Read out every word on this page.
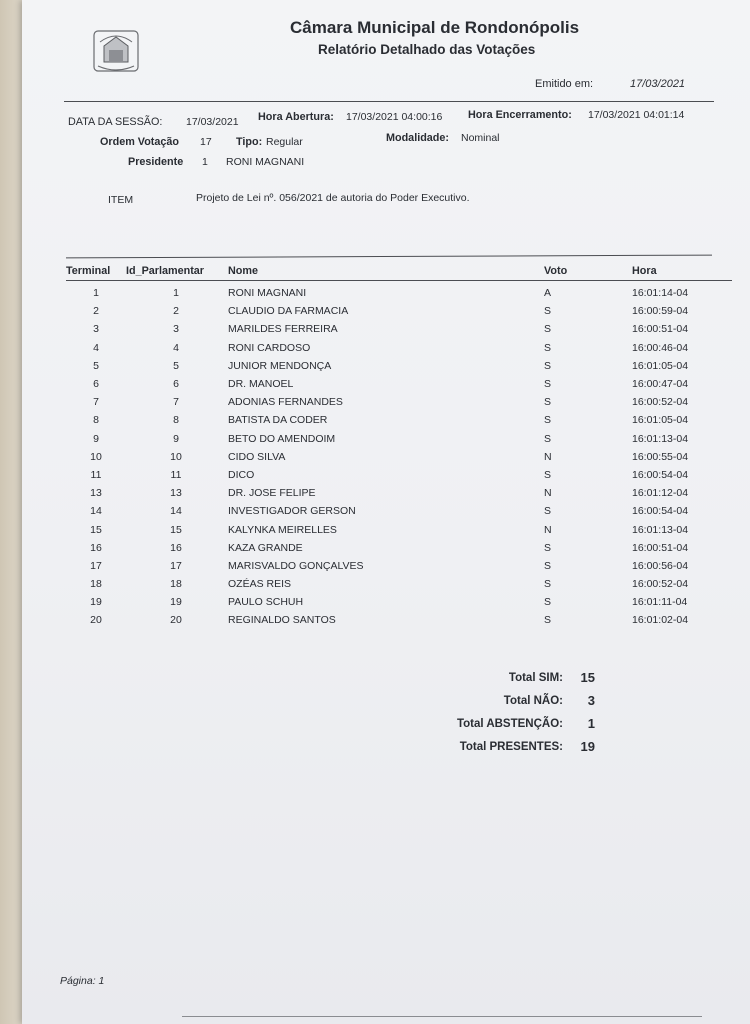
Câmara Municipal de Rondonópolis
Relatório Detalhado das Votações
Emitido em:	17/03/2021
DATA DA SESSÃO: 17/03/2021 Hora Abertura: 17/03/2021 04:00:16 Hora Encerramento: 17/03/2021 04:01:14
Ordem Votação 17 Tipo: Regular	Modalidade: Nominal
Presidente 1 RONI MAGNANI
ITEM	Projeto de Lei nº. 056/2021 de autoria do Poder Executivo.
Terminal	Id_Parlamentar	Nome	Voto	Hora

1	1	RONI MAGNANI	A	16:01:14-04
2	2	CLAUDIO DA FARMACIA	S	16:00:59-04
3	3	MARILDES FERREIRA	S	16:00:51-04
4	4	RONI CARDOSO	S	16:00:46-04
5	5	JUNIOR MENDONÇA	S	16:01:05-04
6	6	DR. MANOEL	S	16:00:47-04
7	7	ADONIAS FERNANDES	S	16:00:52-04
8	8	BATISTA DA CODER	S	16:01:05-04
9	9	BETO DO AMENDOIM	S	16:01:13-04
10	10	CIDO SILVA	N	16:00:55-04
11	11	DICO	S	16:00:54-04
13	13	DR. JOSE FELIPE	N	16:01:12-04
14	14	INVESTIGADOR GERSON	S	16:00:54-04
15	15	KALYNKA MEIRELLES	N	16:01:13-04
16	16	KAZA GRANDE	S	16:00:51-04
17	17	MARISVALDO GONÇALVES	S	16:00:56-04
18	18	OZÉAS REIS	S	16:00:52-04
19	19	PAULO SCHUH	S	16:01:11-04
20	20	REGINALDO SANTOS	S	16:01:02-04
Total SIM:	15
Total NÃO:	3
Total ABSTENÇÃO:	1
Total PRESENTES:	19
Página: 1
